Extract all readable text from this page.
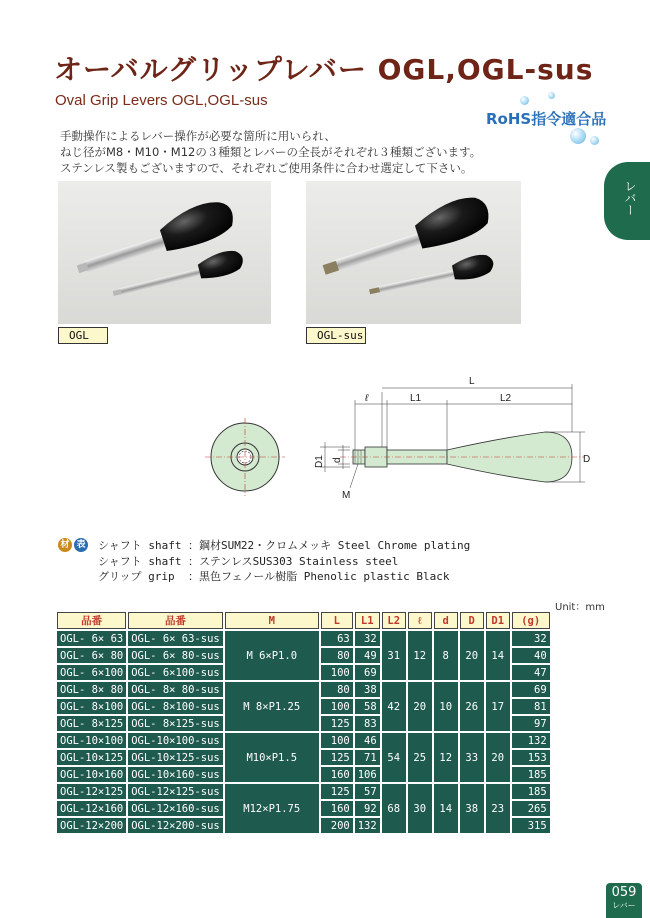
オーバルグリップレバー OGL,OGL-sus
Oval Grip Levers OGL,OGL-sus
RoHS指令適合品
手動操作によるレバー操作が必要な箇所に用いられ、
ねじ径がM8・M10・M12の３種類とレバーの全長がそれぞれ３種類ございます。
ステンレス製もございますので、それぞれご使用条件に合わせ選定して下さい。
レバー
OGL	OGL-sus
L
ℓ	L1	L2
D1 d	D
M
材 表 シャフト shaft ：鋼材SUM22・クロムメッキ Steel Chrome plating
シャフト shaft ：ステンレスSUS303 Stainless steel
グリップ grip ：黒色フェノール樹脂 Phenolic plastic Black
Unit：mm
品番	品番	M	L	L1	L2	ℓ	d	D	D1	(g)
OGL- 6× 63	OGL- 6× 63-sus	M 6×P1.0	63	32	31	12	8	20	14	32
OGL- 6× 80	OGL- 6× 80-sus		80	49						40
OGL- 6×100	OGL- 6×100-sus		100	69						47
OGL- 8× 80	OGL- 8× 80-sus	M 8×P1.25	80	38	42	20	10	26	17	69
OGL- 8×100	OGL- 8×100-sus		100	58						81
OGL- 8×125	OGL- 8×125-sus		125	83						97
OGL-10×100	OGL-10×100-sus	M10×P1.5	100	46	54	25	12	33	20	132
OGL-10×125	OGL-10×125-sus		125	71						153
OGL-10×160	OGL-10×160-sus		160	106						185
OGL-12×125	OGL-12×125-sus	M12×P1.75	125	57	68	30	14	38	23	185
OGL-12×160	OGL-12×160-sus		160	92						265
OGL-12×200	OGL-12×200-sus		200	132						315
059
レバー
